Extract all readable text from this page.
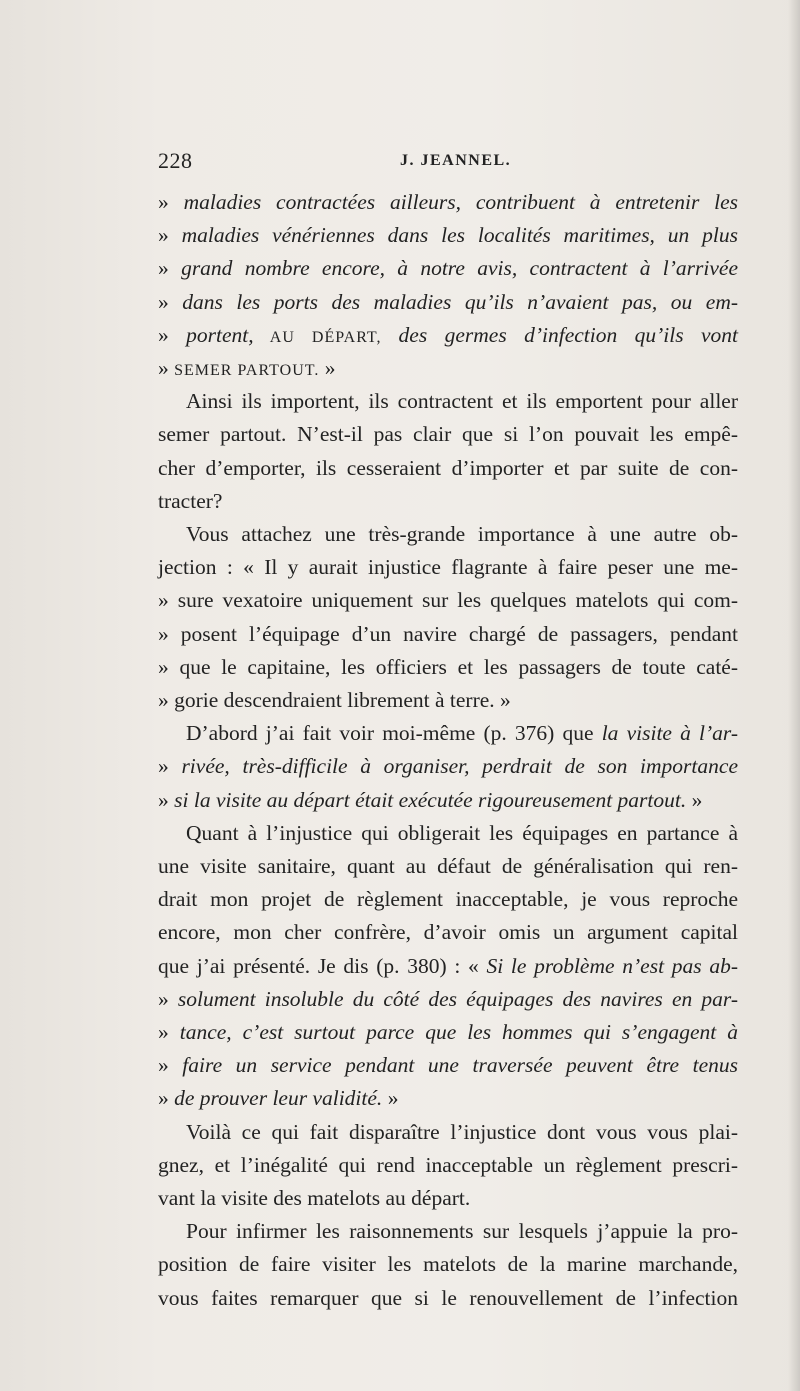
228	J. JEANNEL.
» maladies contractées ailleurs, contribuent à entretenir les
» maladies vénériennes dans les localités maritimes, un plus
» grand nombre encore, à notre avis, contractent à l’arrivée
» dans les ports des maladies qu’ils n’avaient pas, ou em-
» portent, AU DÉPART, des germes d’infection qu’ils vont
» SEMER PARTOUT. »
Ainsi ils importent, ils contractent et ils emportent pour aller
semer partout. N’est-il pas clair que si l’on pouvait les empê-
cher d’emporter, ils cesseraient d’importer et par suite de con-
tracter?
Vous attachez une très-grande importance à une autre ob-
jection : « Il y aurait injustice flagrante à faire peser une me-
» sure vexatoire uniquement sur les quelques matelots qui com-
» posent l’équipage d’un navire chargé de passagers, pendant
» que le capitaine, les officiers et les passagers de toute caté-
» gorie descendraient librement à terre. »
D’abord j’ai fait voir moi-même (p. 376) que la visite à l’ar-
» rivée, très-difficile à organiser, perdrait de son importance
» si la visite au départ était exécutée rigoureusement partout. »
Quant à l’injustice qui obligerait les équipages en partance à
une visite sanitaire, quant au défaut de généralisation qui ren-
drait mon projet de règlement inacceptable, je vous reproche
encore, mon cher confrère, d’avoir omis un argument capital
que j’ai présenté. Je dis (p. 380) : « Si le problème n’est pas ab-
» solument insoluble du côté des équipages des navires en par-
» tance, c’est surtout parce que les hommes qui s’engagent à
» faire un service pendant une traversée peuvent être tenus
» de prouver leur validité. »
Voilà ce qui fait disparaître l’injustice dont vous vous plai-
gnez, et l’inégalité qui rend inacceptable un règlement prescri-
vant la visite des matelots au départ.
Pour infirmer les raisonnements sur lesquels j’appuie la pro-
position de faire visiter les matelots de la marine marchande,
vous faites remarquer que si le renouvellement de l’infection
